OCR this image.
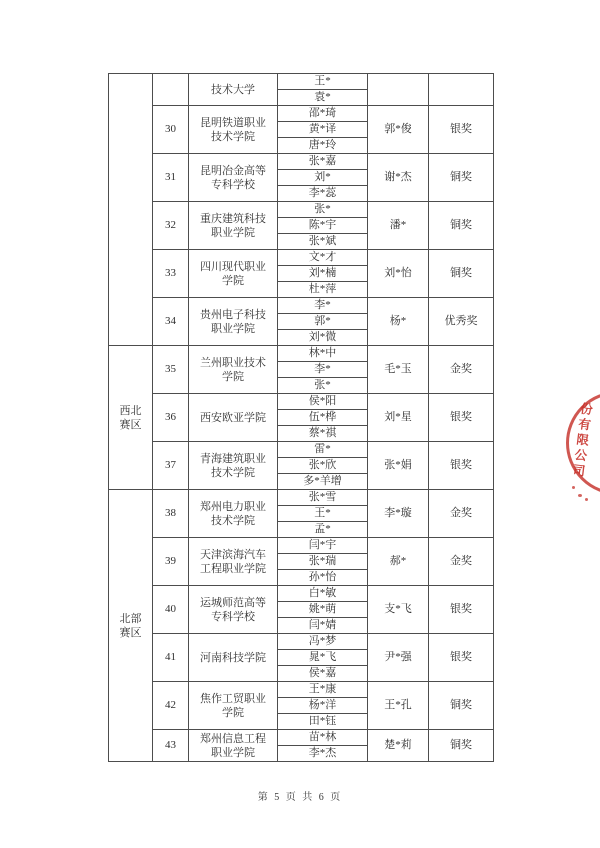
		技术大学	王*		
			袁*		
	30	昆明铁道职业技术学院	邵*琦	郭*俊	银奖
			黄*译		
			唐*玲		
	31	昆明冶金高等专科学校	张*嘉	谢*杰	铜奖
			刘*		
			李*蕊		
	32	重庆建筑科技职业学院	张*	潘*	铜奖
			陈*宇		
			张*斌		
	33	四川现代职业学院	文*才	刘*怡	铜奖
			刘*楠		
			杜*萍		
	34	贵州电子科技职业学院	李*	杨*	优秀奖
			郭*		
			刘*微		
西北赛区	35	兰州职业技术学院	林*中	毛*玉	金奖
			李*		
			张*		
	36	西安欧亚学院	侯*阳	刘*星	银奖
			伍*桦		
			蔡*祺		
	37	青海建筑职业技术学院	雷*	张*娟	银奖
			张*欣		
			多*羊增		
北部赛区	38	郑州电力职业技术学院	张*雪	李*璇	金奖
			王*		
			孟*		
	39	天津滨海汽车工程职业学院	闫*宇	郝*	金奖
			张*瑞		
			孙*怡		
	40	运城师范高等专科学校	白*敏	支*飞	银奖
			姚*萌		
			闫*婧		
	41	河南科技学院	冯*梦	尹*强	银奖
			晁*飞		
			侯*嘉		
	42	焦作工贸职业学院	王*康	王*孔	铜奖
			杨*洋		
			田*钰		
	43	郑州信息工程职业学院	苗*林	楚*莉	铜奖
			李*杰		
份有限公司
第 5 页 共 6 页
